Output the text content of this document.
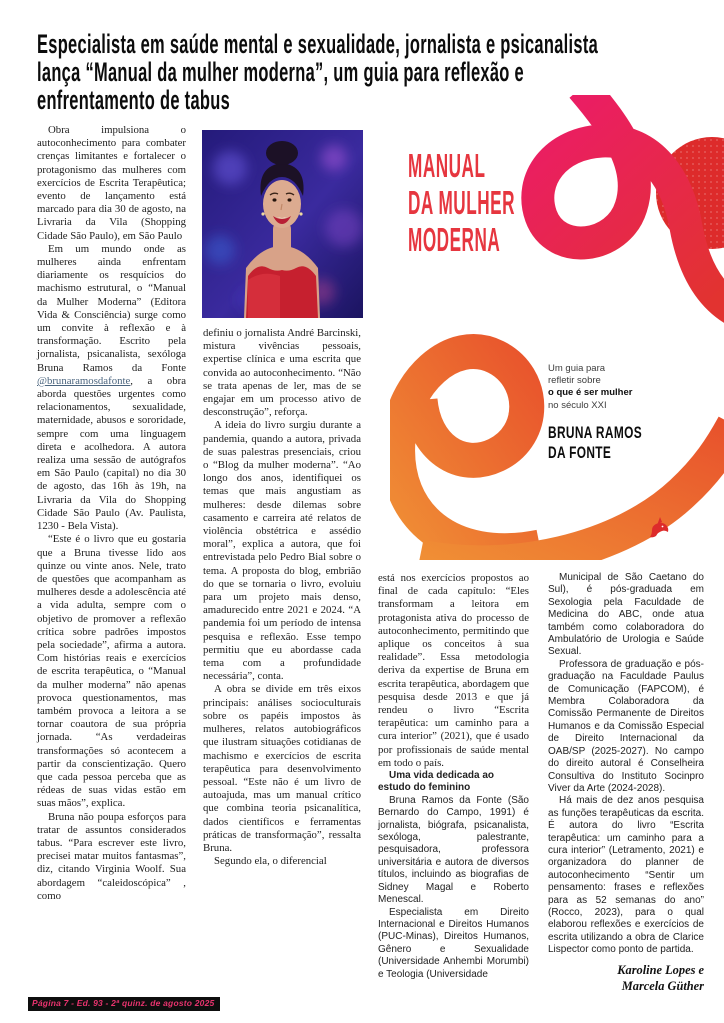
Especialista em saúde mental e sexualidade, jornalista e psicanalista
lança “Manual da mulher moderna”, um guia para reflexão e
enfrentamento de tabus

Obra impulsiona o autoconhecimento para combater crenças limitantes e fortalecer o protagonismo das mulheres com exercícios de Escrita Terapêutica; evento de lançamento está marcado para dia 30 de agosto, na Livraria da Vila (Shopping Cidade São Paulo), em São Paulo

Em um mundo onde as mulheres ainda enfrentam diariamente os resquícios do machismo estrutural, o “Manual da Mulher Moderna” (Editora Vida & Consciência) surge como um convite à reflexão e à transformação. Escrito pela jornalista, psicanalista, sexóloga Bruna Ramos da Fonte @brunaramosdafonte, a obra aborda questões urgentes como relacionamentos, sexualidade, maternidade, abusos e sororidade, sempre com uma linguagem direta e acolhedora. A autora realiza uma sessão de autógrafos em São Paulo (capital) no dia 30 de agosto, das 16h às 19h, na Livraria da Vila do Shopping Cidade São Paulo (Av. Paulista, 1230 - Bela Vista).

“Este é o livro que eu gostaria que a Bruna tivesse lido aos quinze ou vinte anos. Nele, trato de questões que acompanham as mulheres desde a adolescência até a vida adulta, sempre com o objetivo de promover a reflexão crítica sobre padrões impostos pela sociedade”, afirma a autora. Com histórias reais e exercícios de escrita terapêutica, o “Manual da mulher moderna” não apenas provoca questionamentos, mas também provoca a leitora a se tornar coautora de sua própria jornada. “As verdadeiras transformações só acontecem a partir da conscientização. Quero que cada pessoa perceba que as rédeas de suas vidas estão em suas mãos”, explica.

Bruna não poupa esforços para tratar de assuntos considerados tabus. “Para escrever este livro, precisei matar muitos fantasmas”, diz, citando Virginia Woolf. Sua abordagem “caleidoscópica” , como

definiu o jornalista André Barcinski, mistura vivências pessoais, expertise clínica e uma escrita que convida ao autoconhecimento. “Não se trata apenas de ler, mas de se engajar em um processo ativo de desconstrução”, reforça.

A ideia do livro surgiu durante a pandemia, quando a autora, privada de suas palestras presenciais, criou o “Blog da mulher moderna”. “Ao longo dos anos, identifiquei os temas que mais angustiam as mulheres: desde dilemas sobre casamento e carreira até relatos de violência obstétrica e assédio moral”, explica a autora, que foi entrevistada pelo Pedro Bial sobre o tema. A proposta do blog, embrião do que se tornaria o livro, evoluiu para um projeto mais denso, amadurecido entre 2021 e 2024. “A pandemia foi um período de intensa pesquisa e reflexão. Esse tempo permitiu que eu abordasse cada tema com a profundidade necessária”, conta.

A obra se divide em três eixos principais: análises socioculturais sobre os papéis impostos às mulheres, relatos autobiográficos que ilustram situações cotidianas de machismo e exercícios de escrita terapêutica para desenvolvimento pessoal. “Este não é um livro de autoajuda, mas um manual crítico que combina teoria psicanalítica, dados científicos e ferramentas práticas de transformação”, ressalta Bruna.

Segundo ela, o diferencial

MANUAL
DA MULHER
MODERNA
Um guia para
refletir sobre
o que é ser mulher
no século XXI
BRUNA RAMOS
DA FONTE

está nos exercícios propostos ao final de cada capítulo: “Eles transformam a leitora em protagonista ativa do processo de autoconhecimento, permitindo que aplique os conceitos à sua realidade”. Essa metodologia deriva da expertise de Bruna em escrita terapêutica, abordagem que pesquisa desde 2013 e que já rendeu o livro “Escrita terapêutica: um caminho para a cura interior” (2021), que é usado por profissionais de saúde mental em todo o país.

Uma vida dedicada ao estudo do feminino

Bruna Ramos da Fonte (São Bernardo do Campo, 1991) é jornalista, biógrafa, psicanalista, sexóloga, palestrante, pesquisadora, professora universitária e autora de diversos títulos, incluindo as biografias de Sidney Magal e Roberto Menescal.

Especialista em Direito Internacional e Direitos Humanos (PUC-Minas), Direitos Humanos, Gênero e Sexualidade (Universidade Anhembi Morumbi) e Teologia (Universidade

Municipal de São Caetano do Sul), é pós-graduada em Sexologia pela Faculdade de Medicina do ABC, onde atua também como colaboradora do Ambulatório de Urologia e Saúde Sexual.

Professora de graduação e pós-graduação na Faculdade Paulus de Comunicação (FAPCOM), é Membra Colaboradora da Comissão Permanente de Direitos Humanos e da Comissão Especial de Direito Internacional da OAB/SP (2025-2027). No campo do direito autoral é Conselheira Consultiva do Instituto Socinpro Viver da Arte (2024-2028).

Há mais de dez anos pesquisa as funções terapêuticas da escrita. É autora do livro “Escrita terapêutica: um caminho para a cura interior” (Letramento, 2021) e organizadora do planner de autoconhecimento “Sentir um pensamento: frases e reflexões para as 52 semanas do ano” (Rocco, 2023), para o qual elaborou reflexões e exercícios de escrita utilizando a obra de Clarice Lispector como ponto de partida.

Karoline Lopes e
Marcela Güther
Página 7 - Ed. 93 - 2ª quinz. de agosto 2025
